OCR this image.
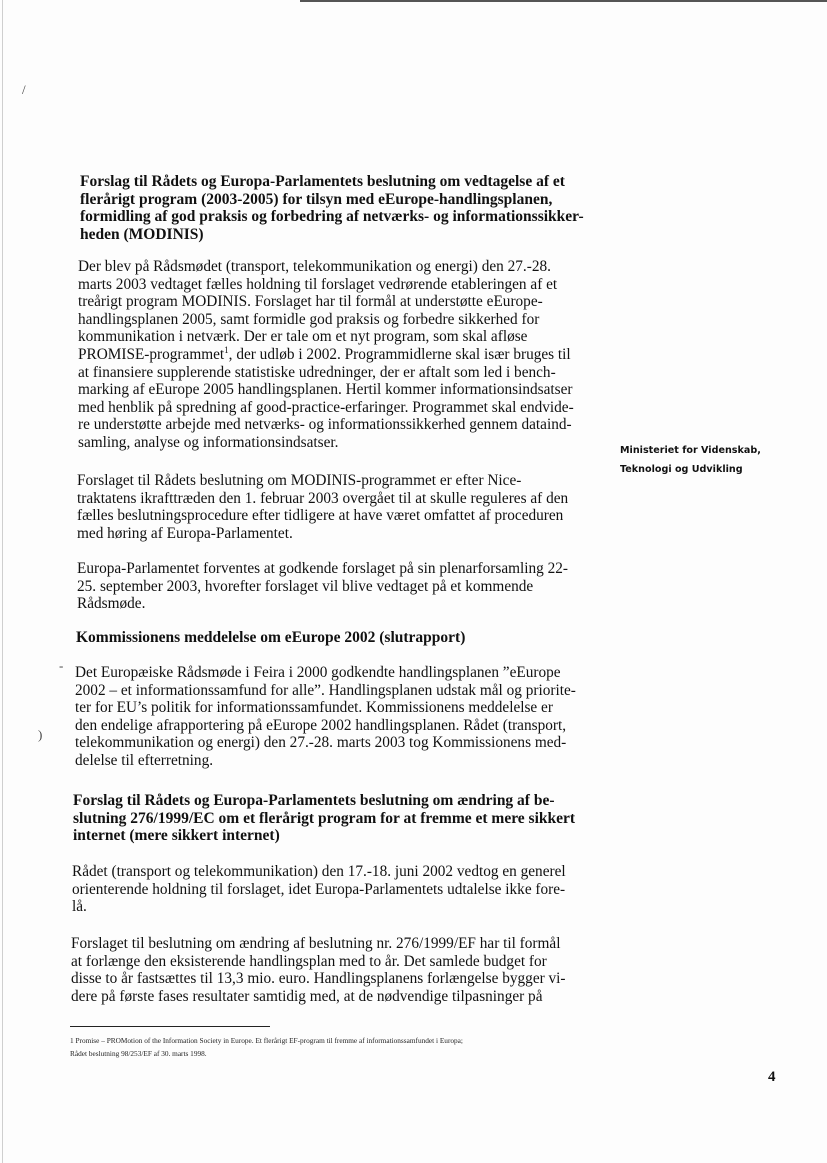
/
-
)
Forslag til Rådets og Europa-Parlamentets beslutning om vedtagelse af et
flerårigt program (2003-2005) for tilsyn med eEurope-handlingsplanen,
formidling af god praksis og forbedring af netværks- og informationssikker-
heden (MODINIS)
Der blev på Rådsmødet (transport, telekommunikation og energi) den 27.-28.
marts 2003 vedtaget fælles holdning til forslaget vedrørende etableringen af et
treårigt program MODINIS. Forslaget har til formål at understøtte eEurope-
handlingsplanen 2005, samt formidle god praksis og forbedre sikkerhed for
kommunikation i netværk. Der er tale om et nyt program, som skal afløse
PROMISE-programmet$^1$, der udløb i 2002. Programmidlerne skal især bruges til
at finansiere supplerende statistiske udredninger, der er aftalt som led i bench-
marking af eEurope 2005 handlingsplanen. Hertil kommer informationsindsatser
med henblik på spredning af good-practice-erfaringer. Programmet skal endvide-
re understøtte arbejde med netværks- og informationssikkerhed gennem dataind-
samling, analyse og informationsindsatser.
Forslaget til Rådets beslutning om MODINIS-programmet er efter Nice-
traktatens ikrafttræden den 1. februar 2003 overgået til at skulle reguleres af den
fælles beslutningsprocedure efter tidligere at have været omfattet af proceduren
med høring af Europa-Parlamentet.
Europa-Parlamentet forventes at godkende forslaget på sin plenarforsamling 22-
25. september 2003, hvorefter forslaget vil blive vedtaget på et kommende
Rådsmøde.
Kommissionens meddelelse om eEurope 2002 (slutrapport)
Det Europæiske Rådsmøde i Feira i 2000 godkendte handlingsplanen ”eEurope
2002 – et informationssamfund for alle”. Handlingsplanen udstak mål og priorite-
ter for EU’s politik for informationssamfundet. Kommissionens meddelelse er
den endelige afrapportering på eEurope 2002 handlingsplanen. Rådet (transport,
telekommunikation og energi) den 27.-28. marts 2003 tog Kommissionens med-
delelse til efterretning.
Forslag til Rådets og Europa-Parlamentets beslutning om ændring af be-
slutning 276/1999/EC om et flerårigt program for at fremme et mere sikkert
internet (mere sikkert internet)
Rådet (transport og telekommunikation) den 17.-18. juni 2002 vedtog en generel
orienterende holdning til forslaget, idet Europa-Parlamentets udtalelse ikke fore-
lå.
Forslaget til beslutning om ændring af beslutning nr. 276/1999/EF har til formål
at forlænge den eksisterende handlingsplan med to år. Det samlede budget for
disse to år fastsættes til 13,3 mio. euro. Handlingsplanens forlængelse bygger vi-
dere på første fases resultater samtidig med, at de nødvendige tilpasninger på
Ministeriet for Videnskab,
Teknologi og Udvikling
1 Promise – PROMotion of the Information Society in Europe. Et flerårigt EF-program til fremme af informationssamfundet i Europa;
Rådet beslutning 98/253/EF af 30. marts 1998.
4
